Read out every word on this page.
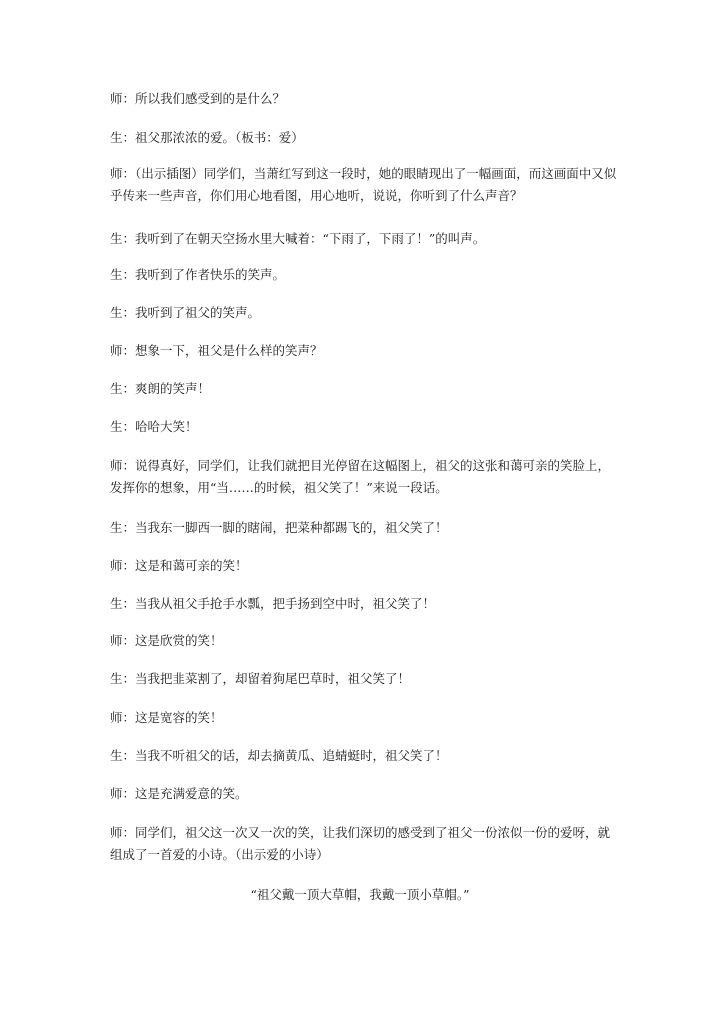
师：所以我们感受到的是什么？
生：祖父那浓浓的爱。（板书：爱）
师：（出示插图）同学们，当萧红写到这一段时，她的眼睛现出了一幅画面，而这画面中又似乎传来一些声音，你们用心地看图，用心地听，说说，你听到了什么声音？
生：我听到了在朝天空扬水里大喊着：“下雨了，下雨了！”的叫声。
生：我听到了作者快乐的笑声。
生：我听到了祖父的笑声。
师：想象一下，祖父是什么样的笑声？
生：爽朗的笑声！
生：哈哈大笑！
师：说得真好，同学们，让我们就把目光停留在这幅图上，祖父的这张和蔼可亲的笑脸上，发挥你的想象，用“当……的时候，祖父笑了！”来说一段话。
生：当我东一脚西一脚的瞎闹，把菜种都踢飞的，祖父笑了！
师：这是和蔼可亲的笑！
生：当我从祖父手抢手水瓢，把手扬到空中时，祖父笑了！
师：这是欣赏的笑！
生：当我把韭菜割了，却留着狗尾巴草时，祖父笑了！
师：这是宽容的笑！
生：当我不听祖父的话，却去摘黄瓜、追蜻蜓时，祖父笑了！
师：这是充满爱意的笑。
师：同学们，祖父这一次又一次的笑，让我们深切的感受到了祖父一份浓似一份的爱呀，就组成了一首爱的小诗。（出示爱的小诗）
“祖父戴一顶大草帽，我戴一顶小草帽。”
